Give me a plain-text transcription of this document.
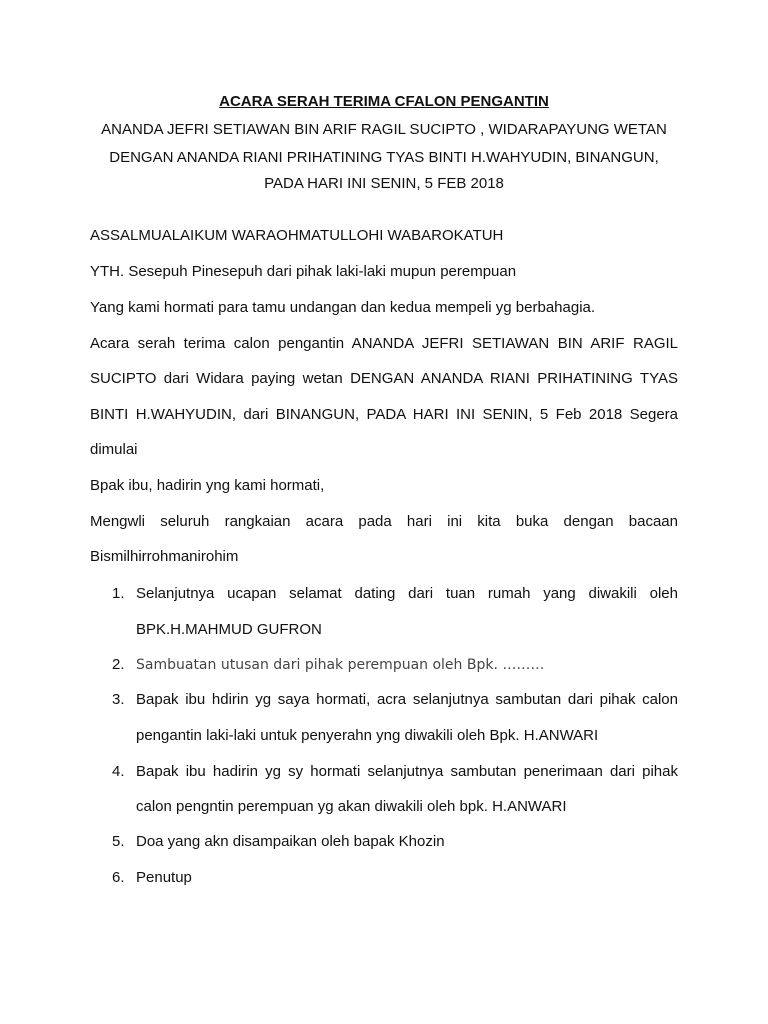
ACARA SERAH TERIMA CFALON PENGANTIN
ANANDA JEFRI SETIAWAN BIN ARIF RAGIL SUCIPTO , WIDARAPAYUNG WETAN
DENGAN ANANDA RIANI PRIHATINING TYAS BINTI H.WAHYUDIN, BINANGUN,
PADA HARI INI SENIN, 5 FEB 2018
ASSALMUALAIKUM WARAOHMATULLOHI WABAROKATUH
YTH. Sesepuh Pinesepuh dari pihak laki-laki mupun perempuan
Yang kami hormati para tamu undangan dan kedua mempeli yg berbahagia.
Acara serah terima calon pengantin ANANDA JEFRI SETIAWAN BIN ARIF RAGIL
SUCIPTO dari Widara paying wetan DENGAN ANANDA RIANI PRIHATINING TYAS
BINTI H.WAHYUDIN, dari BINANGUN, PADA HARI INI SENIN, 5 Feb 2018 Segera
dimulai
Bpak ibu, hadirin yng kami hormati,
Mengwli seluruh rangkaian acara pada hari ini kita buka dengan bacaan
Bismilhirrohmanirohim
1. Selanjutnya ucapan selamat dating dari tuan rumah yang diwakili oleh
BPK.H.MAHMUD GUFRON
2. Sambuatan utusan dari pihak perempuan oleh Bpk. ………
3. Bapak ibu hdirin yg saya hormati, acra selanjutnya sambutan dari pihak calon
pengantin laki-laki untuk penyerahn yng diwakili oleh Bpk. H.ANWARI
4. Bapak ibu hadirin yg sy hormati selanjutnya sambutan penerimaan dari pihak
calon pengntin perempuan yg akan diwakili oleh bpk. H.ANWARI
5. Doa yang akn disampaikan oleh bapak Khozin
6. Penutup
